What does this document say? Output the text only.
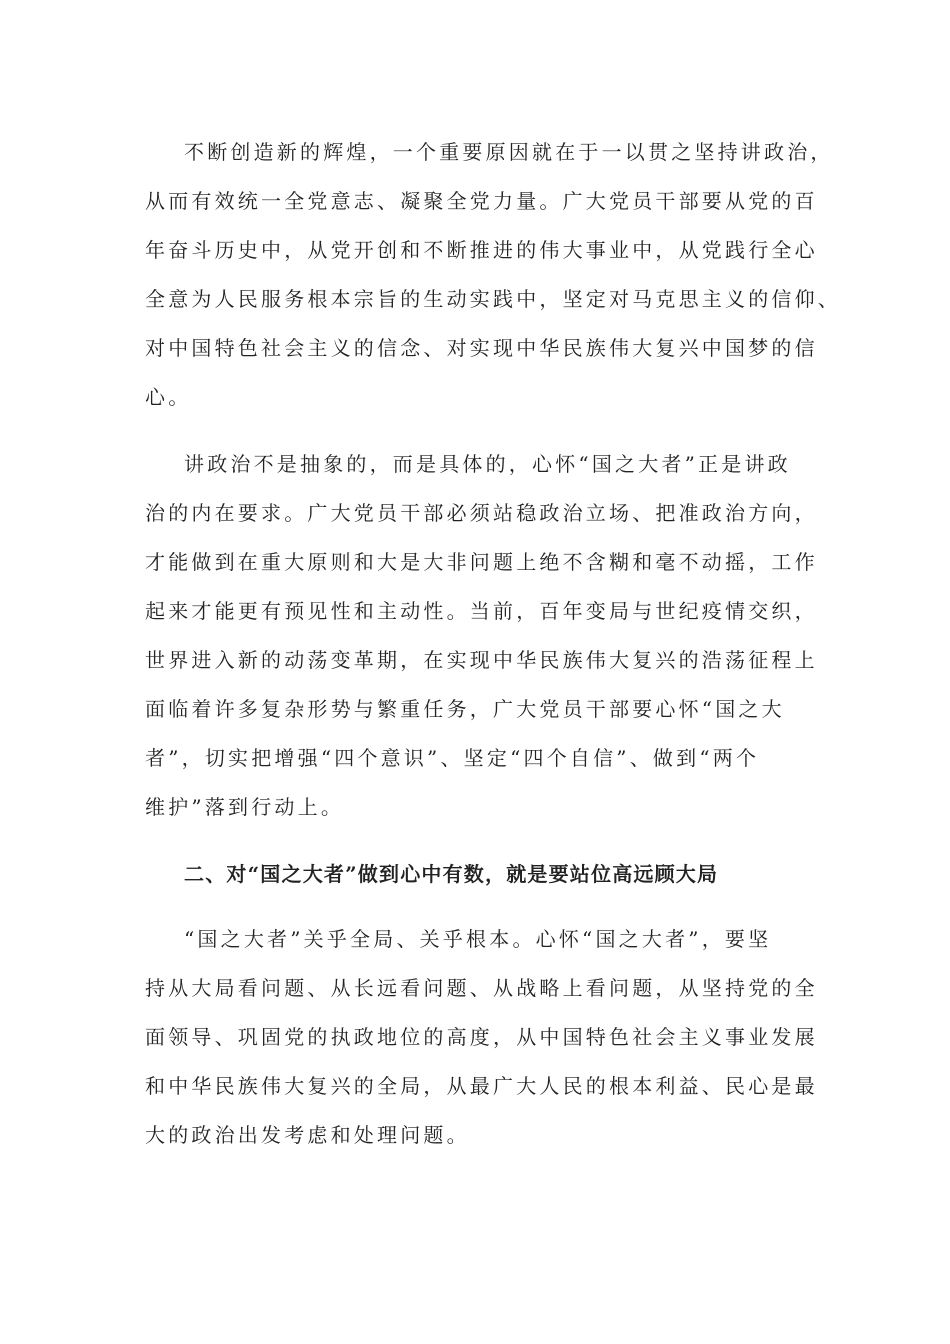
不断创造新的辉煌，一个重要原因就在于一以贯之坚持讲政治，

从而有效统一全党意志、凝聚全党力量。广大党员干部要从党的百

年奋斗历史中，从党开创和不断推进的伟大事业中，从党践行全心

全意为人民服务根本宗旨的生动实践中，坚定对马克思主义的信仰、

对中国特色社会主义的信念、对实现中华民族伟大复兴中国梦的信

心。

讲政治不是抽象的，而是具体的，心怀“国之大者”正是讲政

治的内在要求。广大党员干部必须站稳政治立场、把准政治方向，

才能做到在重大原则和大是大非问题上绝不含糊和毫不动摇，工作

起来才能更有预见性和主动性。当前，百年变局与世纪疫情交织，

世界进入新的动荡变革期，在实现中华民族伟大复兴的浩荡征程上

面临着许多复杂形势与繁重任务，广大党员干部要心怀“国之大

者”，切实把增强“四个意识”、坚定“四个自信”、做到“两个

维护”落到行动上。

二、对“国之大者”做到心中有数，就是要站位高远顾大局

“国之大者”关乎全局、关乎根本。心怀“国之大者”，要坚

持从大局看问题、从长远看问题、从战略上看问题，从坚持党的全

面领导、巩固党的执政地位的高度，从中国特色社会主义事业发展

和中华民族伟大复兴的全局，从最广大人民的根本利益、民心是最

大的政治出发考虑和处理问题。
